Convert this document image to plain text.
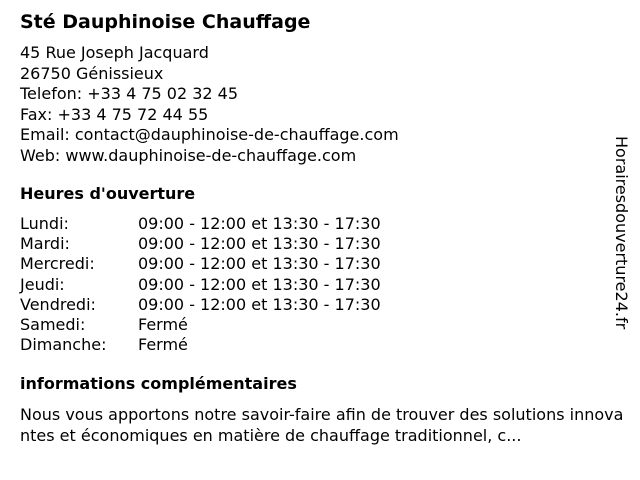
Sté Dauphinoise Chauffage
45 Rue Joseph Jacquard
26750 Génissieux
Telefon: +33 4 75 02 32 45
Fax: +33 4 75 72 44 55
Email: contact@dauphinoise-de-chauffage.com
Web: www.dauphinoise-de-chauffage.com
Heures d'ouverture
Lundi:	09:00 - 12:00 et 13:30 - 17:30
Mardi:	09:00 - 12:00 et 13:30 - 17:30
Mercredi:	09:00 - 12:00 et 13:30 - 17:30
Jeudi:	09:00 - 12:00 et 13:30 - 17:30
Vendredi:	09:00 - 12:00 et 13:30 - 17:30
Samedi:	Fermé
Dimanche:	Fermé
informations complémentaires

Nous vous apportons notre savoir-faire afin de trouver des solutions innovantes et économiques en matière de chauffage traditionnel, c...

Horairesdouverture24.fr
